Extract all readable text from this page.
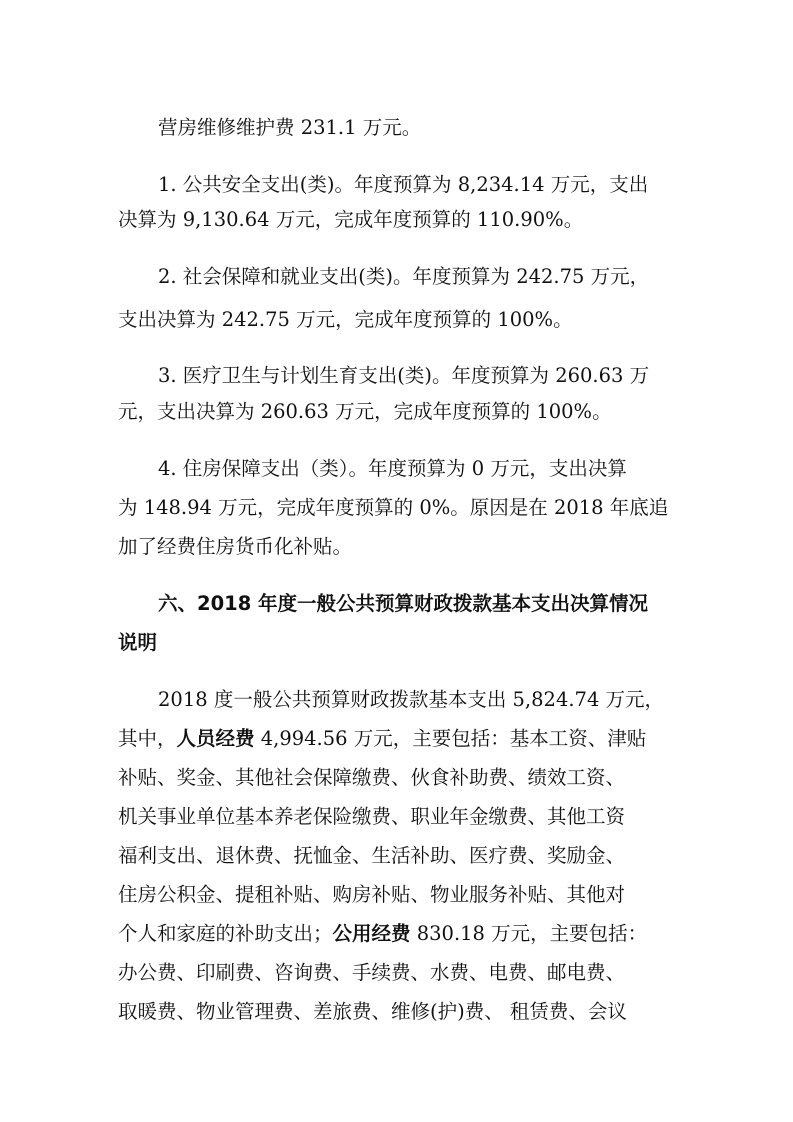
营房维修维护费 231.1 万元。
1. 公共安全支出(类)。年度预算为 8,234.14 万元，支出
决算为 9,130.64 万元，完成年度预算的 110.90%。
2. 社会保障和就业支出(类)。年度预算为 242.75 万元，
支出决算为 242.75 万元，完成年度预算的 100%。
3. 医疗卫生与计划生育支出(类)。年度预算为 260.63 万
元，支出决算为 260.63 万元，完成年度预算的 100%。
4. 住房保障支出（类）。年度预算为 0 万元，支出决算
为 148.94 万元，完成年度预算的 0%。原因是在 2018 年底追
加了经费住房货币化补贴。
六、2018 年度一般公共预算财政拨款基本支出决算情况
说明
2018 度一般公共预算财政拨款基本支出 5,824.74 万元，
其中，人员经费 4,994.56 万元，主要包括：基本工资、津贴
补贴、奖金、其他社会保障缴费、伙食补助费、绩效工资、
机关事业单位基本养老保险缴费、职业年金缴费、其他工资
福利支出、退休费、抚恤金、生活补助、医疗费、奖励金、
住房公积金、提租补贴、购房补贴、物业服务补贴、其他对
个人和家庭的补助支出；公用经费 830.18 万元，主要包括：
办公费、印刷费、咨询费、手续费、水费、电费、邮电费、
取暖费、物业管理费、差旅费、维修(护)费、 租赁费、会议
